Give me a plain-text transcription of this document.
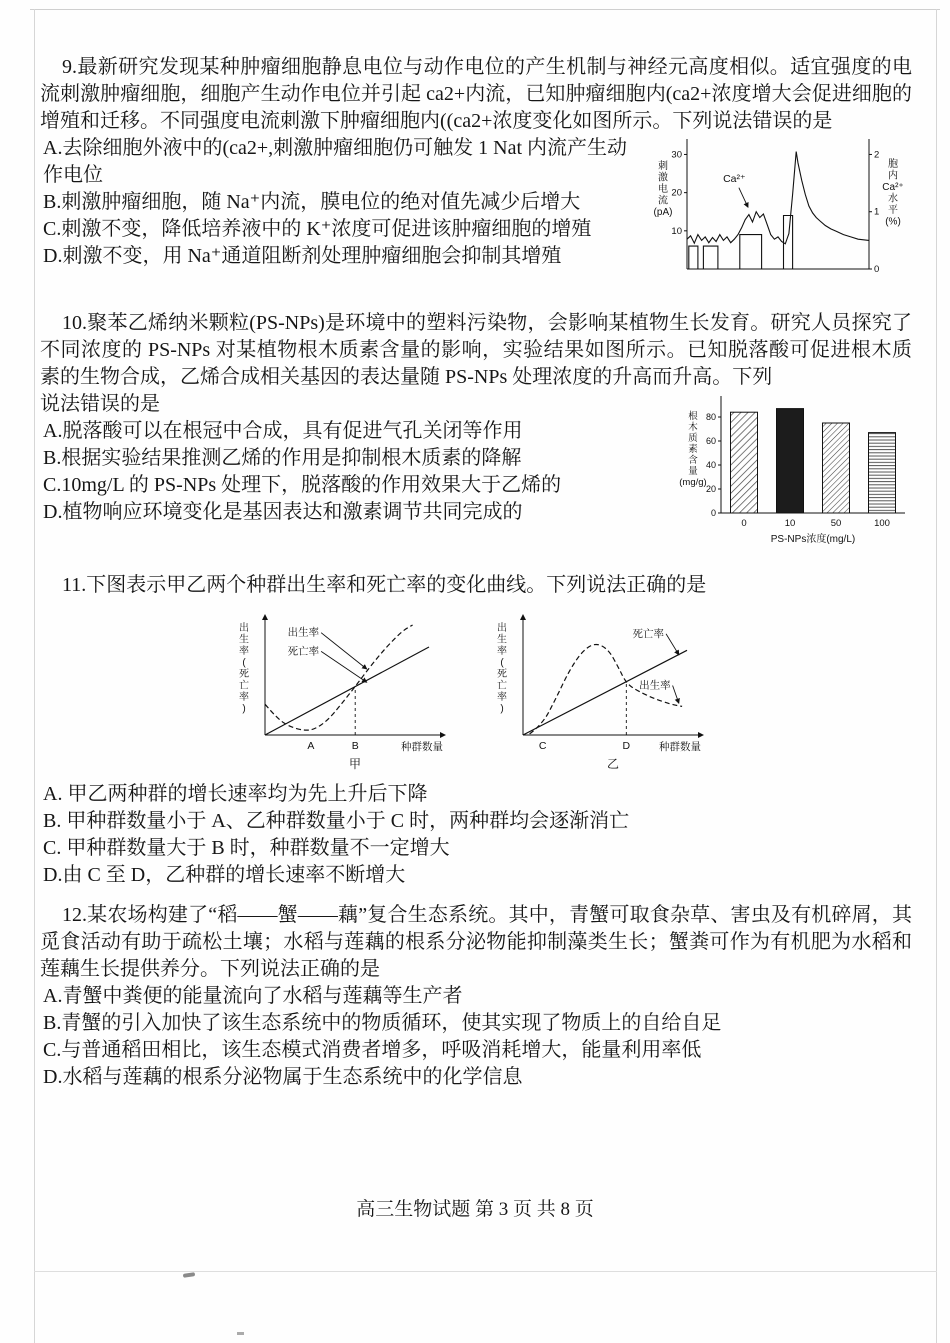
9.最新研究发现某种肿瘤细胞静息电位与动作电位的产生机制与神经元高度相似。适宜强度的电流刺激肿瘤细胞，细胞产生动作电位并引起 ca2+内流，已知肿瘤细胞内(ca2+浓度增大会促进细胞的增殖和迁移。不同强度电流刺激下肿瘤细胞内((ca2+浓度变化如图所示。下列说法错误的是

10
20
30
0
1
2
刺激电流(pA)
胞内 Ca²⁺水平(%)
Ca²⁺

A.去除细胞外液中的(ca2+,刺激肿瘤细胞仍可触发 1 Nat 内流产生动作电位

B.刺激肿瘤细胞，随 Na⁺内流，膜电位的绝对值先减少后增大

C.刺激不变，降低培养液中的 K⁺浓度可促进该肿瘤细胞的增殖

D.刺激不变，用 Na⁺通道阻断剂处理肿瘤细胞会抑制其增殖

10.聚苯乙烯纳米颗粒(PS-NPs)是环境中的塑料污染物，会影响某植物生长发育。研究人员探究了不同浓度的 PS-NPs 对某植物根木质素含量的影响，实验结果如图所示。已知脱落酸可促进根木质素的生物合成，乙烯合成相关基因的表达量随 PS-NPs 处理浓度的升高而升高。下列

0
20
40
60
80
根木质素含量(mg/g)
0	10	50	100
PS-NPs浓度(mg/L)

说法错误的是

A.脱落酸可以在根冠中合成，具有促进气孔关闭等作用

B.根据实验结果推测乙烯的作用是抑制根木质素的降解

C.10mg/L 的 PS-NPs 处理下，脱落酸的作用效果大于乙烯的

D.植物响应环境变化是基因表达和激素调节共同完成的

11.下图表示甲乙两个种群出生率和死亡率的变化曲线。下列说法正确的是

出生率(死亡率)
种群数量
甲
出生率
死亡率
A	B
出生率(死亡率)
种群数量
乙
死亡率
出生率
C	D

A. 甲乙两种群的增长速率均为先上升后下降

B. 甲种群数量小于 A、乙种群数量小于 C 时，两种群均会逐渐消亡

C. 甲种群数量大于 B 时，种群数量不一定增大

D.由 C 至 D，乙种群的增长速率不断增大

12.某农场构建了“稻——蟹——藕”复合生态系统。其中，青蟹可取食杂草、害虫及有机碎屑，其觅食活动有助于疏松土壤；水稻与莲藕的根系分泌物能抑制藻类生长；蟹粪可作为有机肥为水稻和莲藕生长提供养分。下列说法正确的是

A.青蟹中粪便的能量流向了水稻与莲藕等生产者

B.青蟹的引入加快了该生态系统中的物质循环，使其实现了物质上的自给自足

C.与普通稻田相比，该生态模式消费者增多，呼吸消耗增大，能量利用率低

D.水稻与莲藕的根系分泌物属于生态系统中的化学信息

高三生物试题 第 3 页 共 8 页
